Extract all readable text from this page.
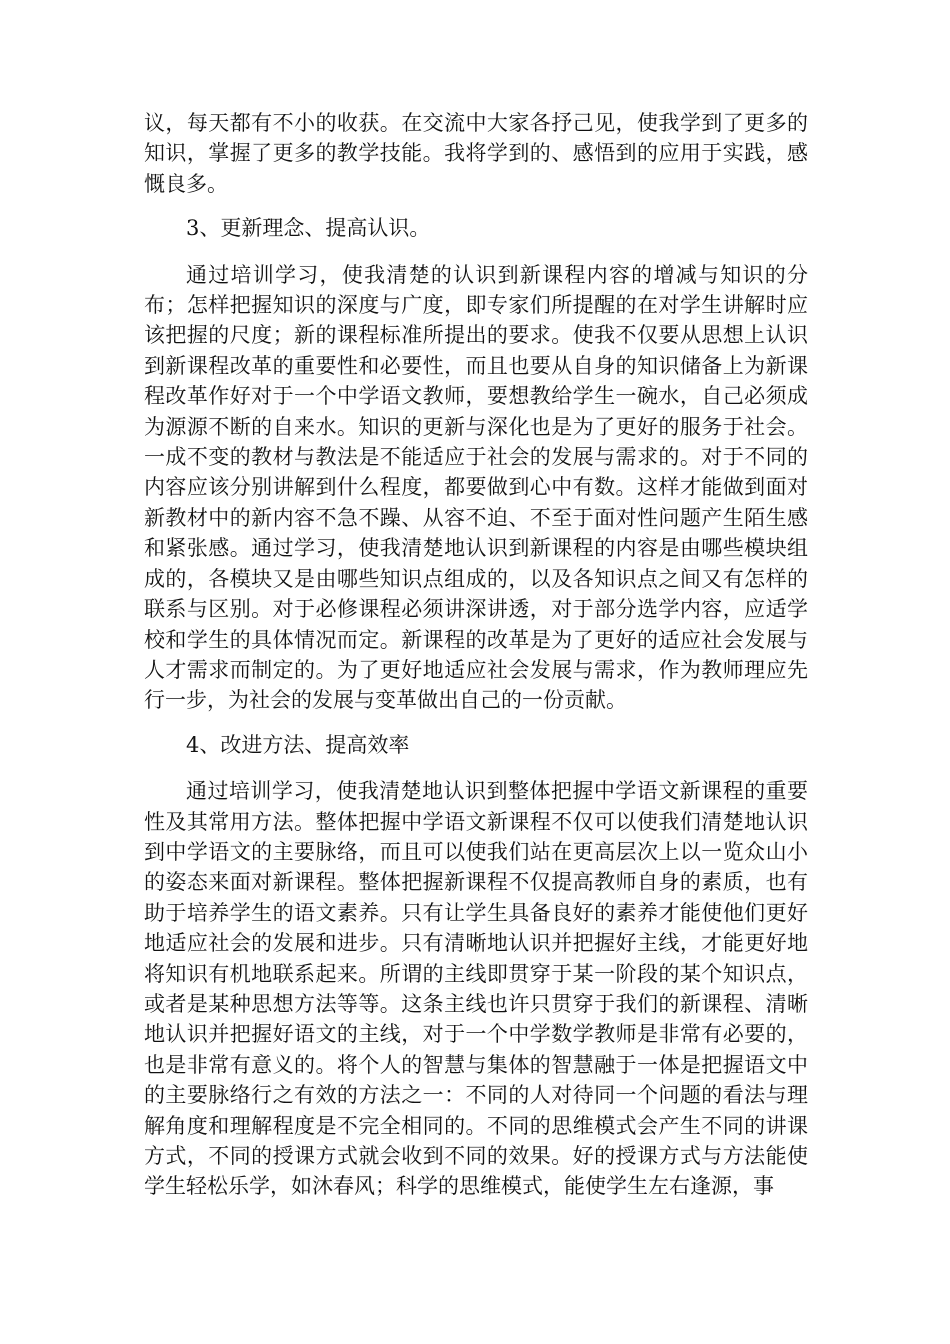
议，每天都有不小的收获。在交流中大家各抒己见，使我学到了更多的知识，掌握了更多的教学技能。我将学到的、感悟到的应用于实践，感慨良多。

3、更新理念、提高认识。

通过培训学习，使我清楚的认识到新课程内容的增减与知识的分布；怎样把握知识的深度与广度，即专家们所提醒的在对学生讲解时应该把握的尺度；新的课程标准所提出的要求。使我不仅要从思想上认识到新课程改革的重要性和必要性，而且也要从自身的知识储备上为新课程改革作好对于一个中学语文教师，要想教给学生一碗水，自己必须成为源源不断的自来水。知识的更新与深化也是为了更好的服务于社会。一成不变的教材与教法是不能适应于社会的发展与需求的。对于不同的内容应该分别讲解到什么程度，都要做到心中有数。这样才能做到面对新教材中的新内容不急不躁、从容不迫、不至于面对性问题产生陌生感和紧张感。通过学习，使我清楚地认识到新课程的内容是由哪些模块组成的，各模块又是由哪些知识点组成的，以及各知识点之间又有怎样的联系与区别。对于必修课程必须讲深讲透，对于部分选学内容，应适学校和学生的具体情况而定。新课程的改革是为了更好的适应社会发展与人才需求而制定的。为了更好地适应社会发展与需求，作为教师理应先行一步，为社会的发展与变革做出自己的一份贡献。

4、改进方法、提高效率

通过培训学习，使我清楚地认识到整体把握中学语文新课程的重要性及其常用方法。整体把握中学语文新课程不仅可以使我们清楚地认识到中学语文的主要脉络，而且可以使我们站在更高层次上以一览众山小的姿态来面对新课程。整体把握新课程不仅提高教师自身的素质，也有助于培养学生的语文素养。只有让学生具备良好的素养才能使他们更好地适应社会的发展和进步。只有清晰地认识并把握好主线，才能更好地将知识有机地联系起来。所谓的主线即贯穿于某一阶段的某个知识点，或者是某种思想方法等等。这条主线也许只贯穿于我们的新课程、清晰地认识并把握好语文的主线，对于一个中学数学教师是非常有必要的，也是非常有意义的。将个人的智慧与集体的智慧融于一体是把握语文中的主要脉络行之有效的方法之一：不同的人对待同一个问题的看法与理解角度和理解程度是不完全相同的。不同的思维模式会产生不同的讲课方式，不同的授课方式就会收到不同的效果。好的授课方式与方法能使学生轻松乐学，如沐春风；科学的思维模式，能使学生左右逢源，事
